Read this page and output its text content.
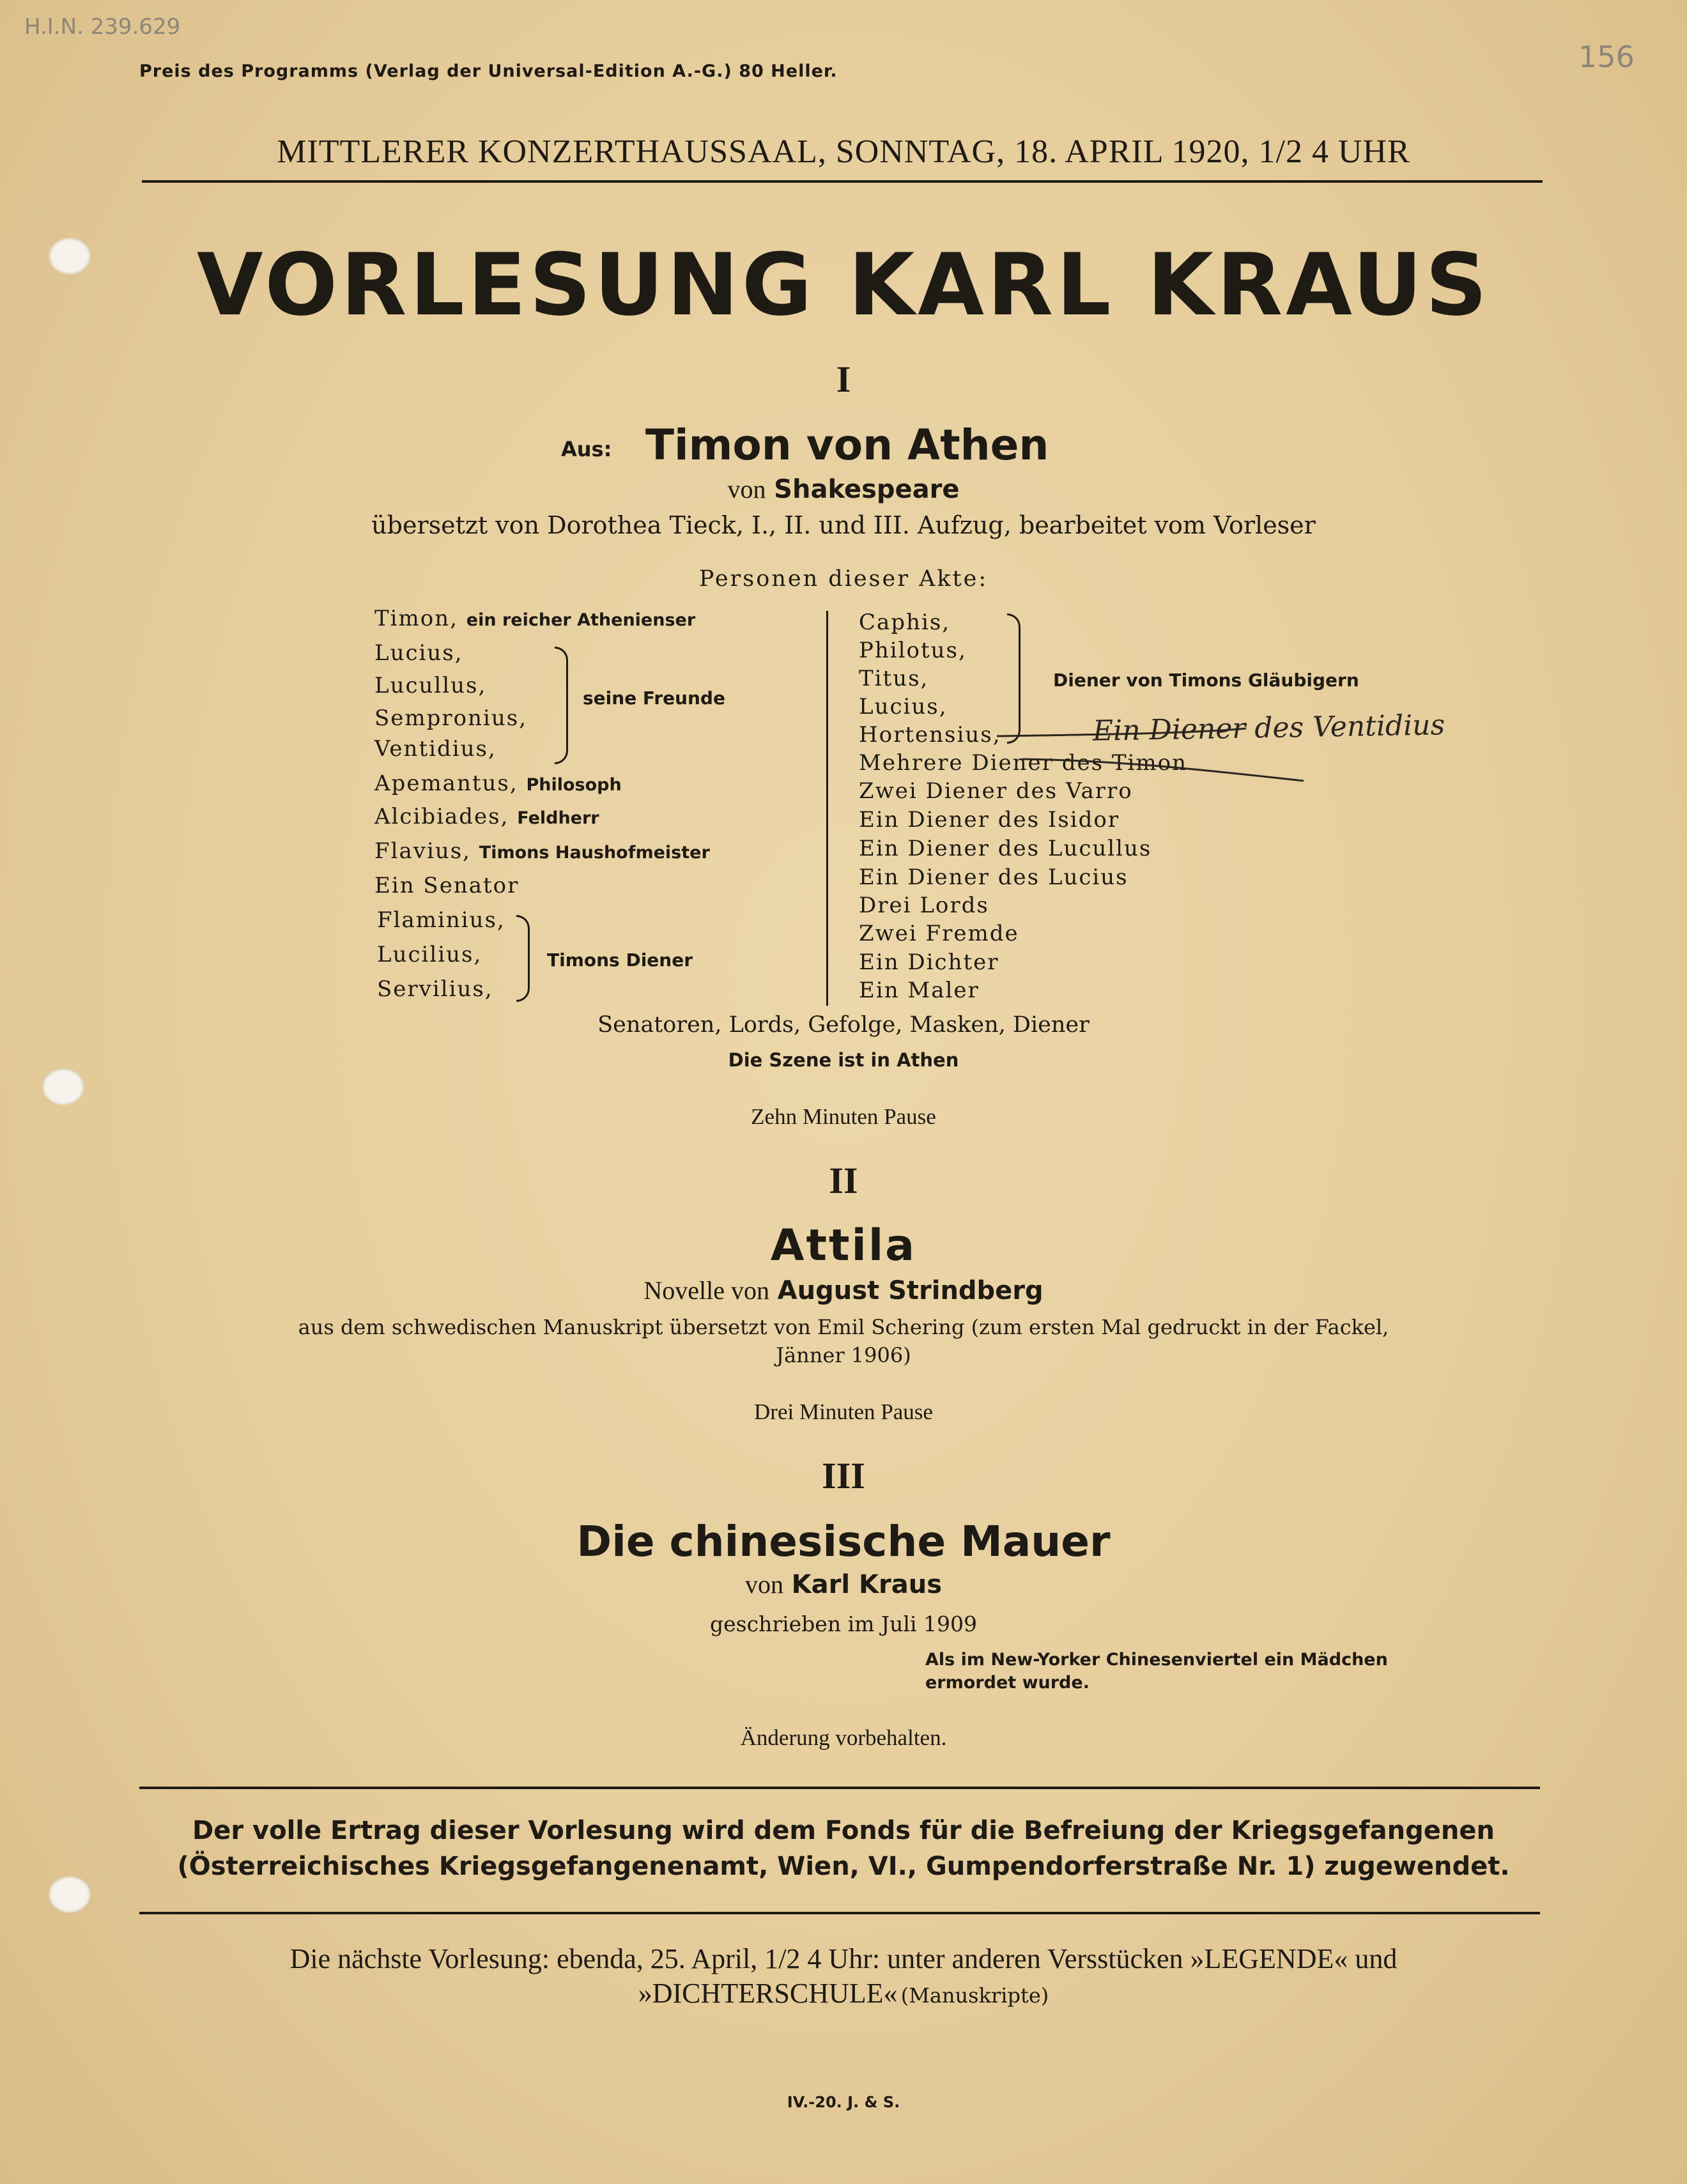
H.I.N. 239.629
156
Preis des Programms (Verlag der Universal-Edition A.-G.) 80 Heller.
MITTLERER KONZERTHAUSSAAL, SONNTAG, 18. APRIL 1920, 1/2 4 UHR
VORLESUNG KARL KRAUS
I
Aus: Timon von Athen
von Shakespeare
übersetzt von Dorothea Tieck, I., II. und III. Aufzug, bearbeitet vom Vorleser
Personen dieser Akte:
Timon, ein reicher Athenienser
Lucius,
Lucullus,
Sempronius,
Ventidius,
seine Freunde
Apemantus, Philosoph
Alcibiades, Feldherr
Flavius, Timons Haushofmeister
Ein Senator
Flaminius,
Lucilius,
Servilius,
Timons Diener
Caphis,
Philotus,
Titus,
Lucius,
Hortensius,
Diener von Timons Gläubigern
Mehrere Diener des Timon
Zwei Diener des Varro
Ein Diener des Isidor
Ein Diener des Lucullus
Ein Diener des Lucius
Drei Lords
Zwei Fremde
Ein Dichter
Ein Maler
Ein Diener des Ventidius
Senatoren, Lords, Gefolge, Masken, Diener
Die Szene ist in Athen
Zehn Minuten Pause
II
Attila
Novelle von August Strindberg
aus dem schwedischen Manuskript übersetzt von Emil Schering (zum ersten Mal gedruckt in der Fackel,
Jänner 1906)
Drei Minuten Pause
III
Die chinesische Mauer
von Karl Kraus
geschrieben im Juli 1909
Als im New-Yorker Chinesenviertel ein Mädchen
ermordet wurde.
Änderung vorbehalten.
Der volle Ertrag dieser Vorlesung wird dem Fonds für die Befreiung der Kriegsgefangenen
(Österreichisches Kriegsgefangenenamt, Wien, VI., Gumpendorferstraße Nr. 1) zugewendet.
Die nächste Vorlesung: ebenda, 25. April, 1/2 4 Uhr: unter anderen Versstücken »LEGENDE« und
»DICHTERSCHULE« (Manuskripte)
IV.-20. J. & S.
